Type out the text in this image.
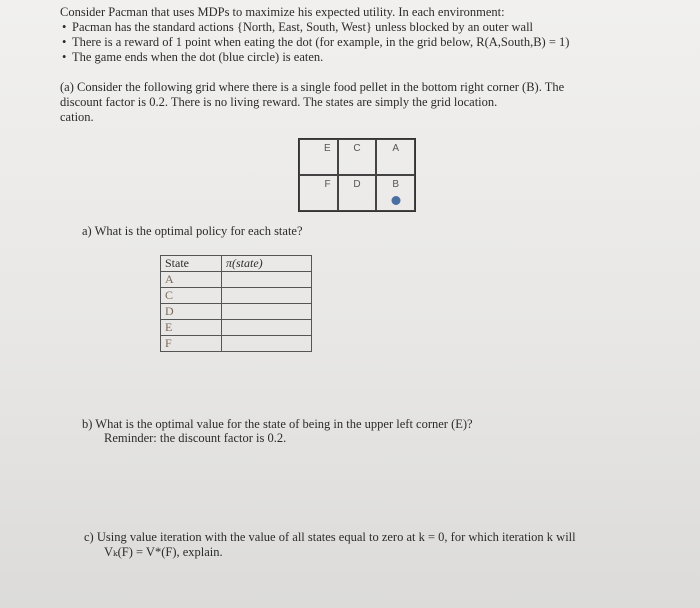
Consider Pacman that uses MDPs to maximize his expected utility. In each environment:
• Pacman has the standard actions {North, East, South, West} unless blocked by an outer wall
• There is a reward of 1 point when eating the dot (for example, in the grid below, R(A,South,B) = 1)
• The game ends when the dot (blue circle) is eaten.
(a) Consider the following grid where there is a single food pellet in the bottom right corner (B). The
discount factor is 0.2. There is no living reward. The states are simply the grid location.
cation.
E	C	A
F	D	B
a) What is the optimal policy for each state?
State	π(state)
A	
C	
D	
E	
F	
b) What is the optimal value for the state of being in the upper left corner (E)?
Reminder: the discount factor is 0.2.
c) Using value iteration with the value of all states equal to zero at k = 0, for which iteration k will
Vₖ(F) = V*(F), explain.
